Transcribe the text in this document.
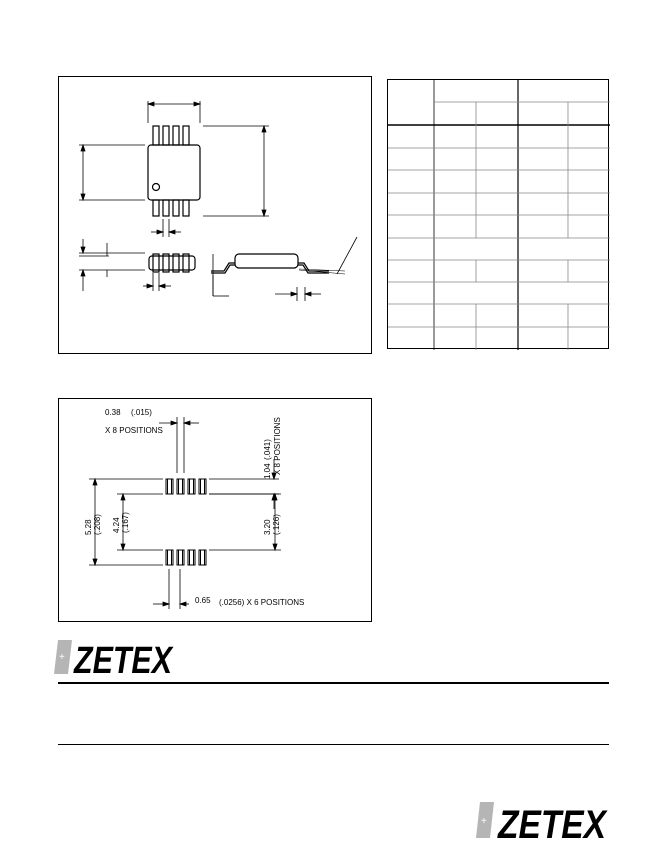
0.38 (.015)
X 8 POSITIONS
1.04
(.041) X 8 POSITIONS
5.28 (.208) 4.24 (.167)	3.20 (.126)
0.65 (.0256) X 6 POSITIONS
+ ZETEX
+ ZETEX
